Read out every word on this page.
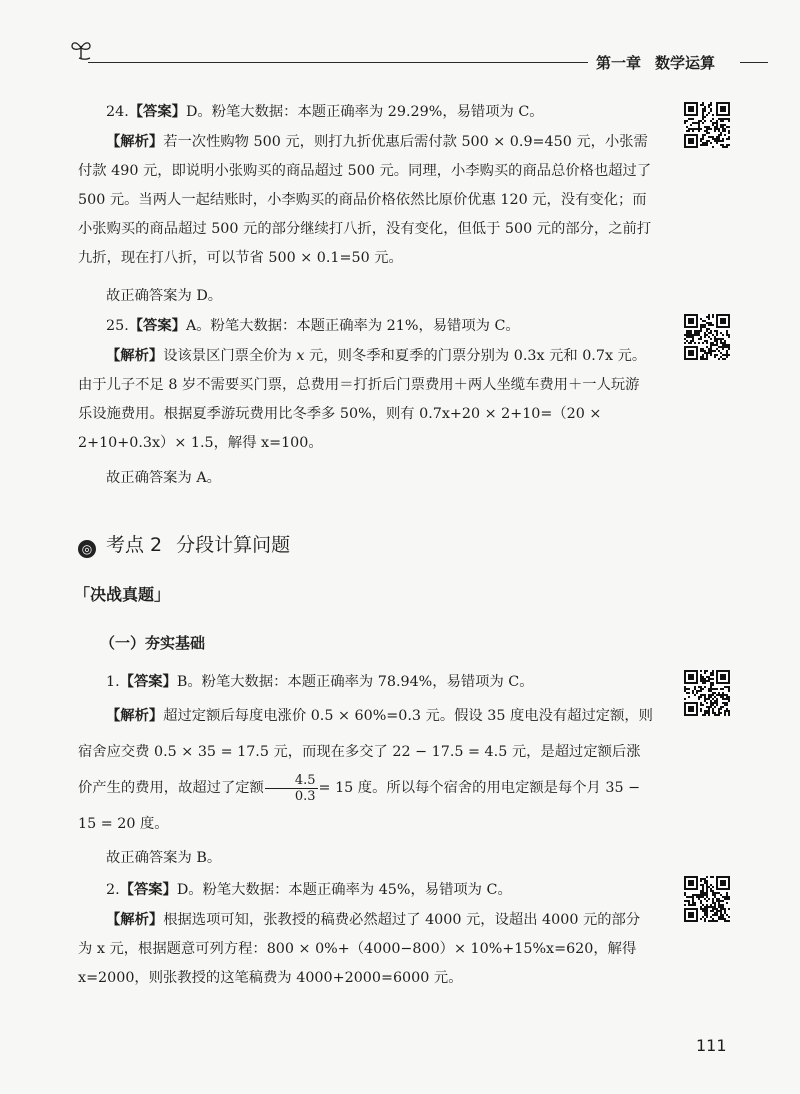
第一章 数学运算
24.【答案】D。粉笔大数据：本题正确率为 29.29%，易错项为 C。
【解析】若一次性购物 500 元，则打九折优惠后需付款 500 × 0.9=450 元，小张需付款 490 元，即说明小张购买的商品超过 500 元。同理，小李购买的商品总价格也超过了 500 元。当两人一起结账时，小李购买的商品价格依然比原价优惠 120 元，没有变化；而小张购买的商品超过 500 元的部分继续打八折，没有变化，但低于 500 元的部分，之前打九折，现在打八折，可以节省 500 × 0.1=50 元。
故正确答案为 D。
25.【答案】A。粉笔大数据：本题正确率为 21%，易错项为 C。
【解析】设该景区门票全价为 x 元，则冬季和夏季的门票分别为 0.3x 元和 0.7x 元。由于儿子不足 8 岁不需要买门票，总费用＝打折后门票费用＋两人坐缆车费用＋一人玩游乐设施费用。根据夏季游玩费用比冬季多 50%，则有 0.7x+20 × 2+10=（20 × 2+10+0.3x）× 1.5，解得 x=100。
故正确答案为 A。
◎ 考点 2 分段计算问题
「决战真题」
（一）夯实基础
1.【答案】B。粉笔大数据：本题正确率为 78.94%，易错项为 C。
【解析】超过定额后每度电涨价 0.5 × 60%=0.3 元。假设 35 度电没有超过定额，则宿舍应交费 0.5 × 35 = 17.5 元，而现在多交了 22 − 17.5 = 4.5 元，是超过定额后涨价产生的费用，故超过了定额 $\frac{4.5}{0.3} = 15$ 度。所以每个宿舍的用电定额是每个月 35 − 15 = 20 度。
故正确答案为 B。
2.【答案】D。粉笔大数据：本题正确率为 45%，易错项为 C。
【解析】根据选项可知，张教授的稿费必然超过了 4000 元，设超出 4000 元的部分为 x 元，根据题意可列方程：800 × 0%+（4000−800）× 10%+15%x=620，解得 x=2000，则张教授的这笔稿费为 4000+2000=6000 元。
111
